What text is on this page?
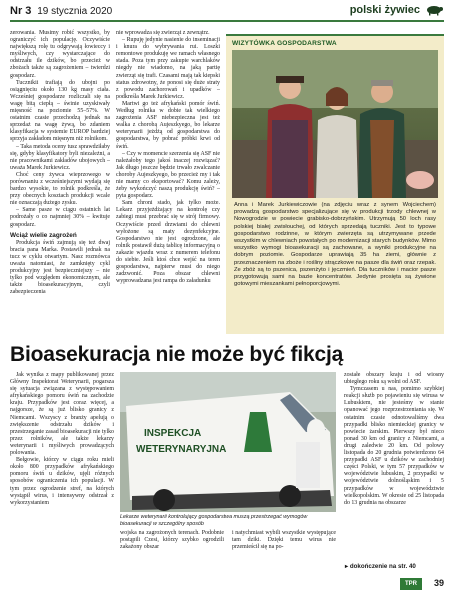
Nr 3 19 stycznia 2020	polski żywiec

zerowania. Musimy robić wszystko, by ograniczyć ich populację. Oczywiście największą rolę tu odgrywają łowieccy i myśliwych, czy wystarczające do odstrzału ile dzików, bo przecież w zbożach także są zagrożeniem – twierdzi gospodarz.

Tucznikii trafiają do ubojni po osiągnięciu około 130 kg masy ciała. Wcześniej gospodarze rozliczali się na wagę bitą ciepłą – świnie uzyskiwały mięsność na poziomie 55–57%. W ostatnim czasie przechodzą jednak na sprzedaż na wagę żywą, bo zdaniem klasyfikacja w systemie EUROP bardziej sprzyja zakładom mięsnym niż rolnikom.

– Taka metoda oceny tusz sprawdziłaby się, gdyby klasyfikatory byli niezależni, a nie pracownikami zakładów ubojowych – uważa Marek Jurkiewicz.

Choć ceny żywca wieprzowego w porównaniu z wcześniejszymi wydają się bardzo wysokie, to rolnik podkreśla, że przy obecnych kosztach produkcji wcale nie oznaczają dużego zysku.

– Same pasze w ciągu ostatnich lat podrożały o co najmniej 30% – kwituje gospodarz.

Wciąż wielie zagrożeń

Produkcja świń zajmują się też dwaj bracia pana Marka. Postawili jednak na tucz w cyklu otwartym. Nasz rozmówca uważa natomiast, że zamknięty cykl produkcyjny jest bezpieczniejszy – nie tylko pod względem ekonomicznym, ale także bioasekuracyjnym, czyli zabezpieczenia

nie wprowadza się zwierząt z zewnątrz.

– Rupuję jedynie nasienie do inseminacji i knura do wybrywania rui. Loszki remontowe produkuję we ramach własnego stada. Poza tym przy zakupie warchlaków niegdy nie wiadomo, na jaką partię zwierząt się trafi. Czasami mają tak kiepski status zdrowotny, że ponosi się duże straty z powodu zachorowań i upadków – podkreśla Marek Jurkiewicz.

Martwi go też afrykański pomór świń. Według rolnika w dobie tak wielkiego zagrożenia ASF niebezpieczna jest też walka z chorobą Aujeszkyego, bo lekarze weterynarii jeżdżą od gospodarstwa do gospodarstwa, by pobrać próbki krwi od świń.

– Czy w momencie szerzenia się ASF nie należałoby tego jakoś inaczej rozwiązać? Jak długo jeszcze będzie trwało zwalczanie choroby Aujeszkyego, bo przecież my i tak nie mamy co eksportować? Komu zależy, żeby wykończyć naszą produkcję świń? – pyta gospodarz.

Sam chroni stado, jak tylko może. Lekarz przyjeżdżający na kontrolę czy zabiegi musi przebrać się w strój firmowy. Oczywiście przed drzwiami do chlewni wyłożone są maty dezynfekcyjne. Gospodarstwo nie jest ogrodzone, ale rolnik postawił dużą tablicę informacyjną o zakazie wjazdu wraz z numerem telefonu do siebie. Jeśli ktoś chce wejść na teren gospodarstwa, najpierw musi do niego zadzwonić. Poza obszar chlewni wyprowadzana jest rampa do załadunku

WIZYTÓWKA GOSPODARSTWA
Anna i Marek Jurkiewiczowie (na zdjęciu wraz z synem Wojciechem) prowadzą gospodarstwo specjalizujące się w produkcji trzody chlewnej w Nowogrodzie w powiecie grabisko-dobrzyńskim. Utrzymują 50 loch rasy polskiej białej zwisłouchej, od których sprzedają tuczniki. Jest to typowe gospodarstwo rodzinne, w którym zwierzęta są utrzymywane przede wszystkim w chlewniach powstałych po modernizacji starych budynków. Mimo wszystko wymogi bioasekuracji są zachowane, a wyniki produkcyjne na dobrym poziomie. Gospodarze uprawiają 35 ha ziemi, głównie z przeznaczeniem na zboże i rośliny strączkowe na pasze dla świń oraz rzepak. Ze zbóż są to pszenica, pszenżyto i jęczmień. Dla tuczników i macior pasze przygotowują sami na bazie koncentratów. Jedynie prosięta są żywione gotowymi mieszankami pełnoporcjowymi.
Bioasekuracja nie może być fikcją

Jak wynika z mapy publikowanej przez Główny Inspektorat Weterynarii, pogarsza się sytuacja związana z występowaniem afrykańskiego pomoru świń na zachodzie kraju. Przypadków jest coraz więcej, a najgorsze, że są już blisko granicy z Niemcami. Wszyscy z branży apelują o zwiększenie odstrzału dzików i przestrzeganie zasad bioasekuracji nie tylko przez rolników, ale także lekarzy weterynarii i myśliwych prowadzących polowania.

Bełgowie, którzy w ciągu roku mieli około 800 przypadków afrykańskiego pomoru świń u dzików, ujęli różnych sposobów ograniczenia ich populacji. W tym przez ogrodzenie stref, na których wystąpił wirus, i intensywny odstrzał z wykorzystaniem

INSPEKCJA
WETERYNARYJNA
Lekarze weterynarii kontrolujący gospodarstwa muszą przestrzegać wymogów bioasekuracji w szczególny sposób

wojska na zagrożonych terenach. Podobnie postąpili Czesi, którzy szybko ogrodzili zakażony obszar

i natychmiast wybili wszystkie występujące tam dziki. Dzięki temu wirus nie przemieścił się na po-

zostałe obszary kraju i od wiosny ubiegłego roku są wolni od ASF.

Tymczasem u nas, pomimo szybkiej reakcji służb po pojawieniu się wirusa w Lubuskiem, nie jesteśmy w stanie opanować jego rozprzestrzeniania się. W ostatnim czasie odnotowaliśmy dwa przypadki blisko niemieckiej granicy w powiecie żarskim. Pierwszy był nieco ponad 30 km od granicy z Niemcami, a drugi zaledwie 20 km. Od połowy listopada do 20 grudnia potwierdzono 64 przypadki ASF u dzików w zachodniej części Polski, w tym 57 przypadków w województwie lubuskim, 2 przypadki w województwie dolnośląskim i 5 przypadków w województwie wielkopolskim. W okresie od 25 listopada do 13 grudnia na obszarze

▸ dokończenie na str. 40
TPR	39
